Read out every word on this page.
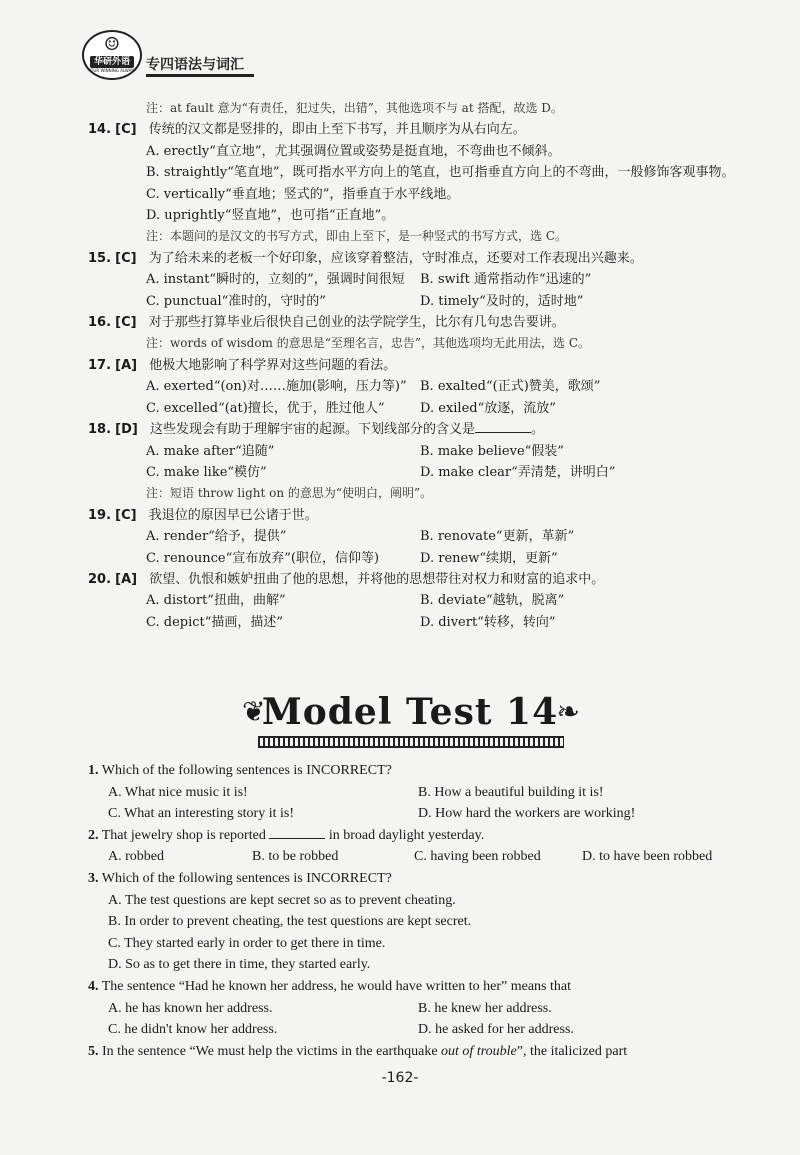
☺
华研外语
YOUR WINNING ALWAYS 专四语法与词汇
注：at fault 意为“有责任，犯过失，出错”，其他选项不与 at 搭配，故选 D。
14. [C] 传统的汉文都是竖排的，即由上至下书写，并且顺序为从右向左。
A. erectly“直立地”，尤其强调位置或姿势是挺直地，不弯曲也不倾斜。
B. straightly“笔直地”，既可指水平方向上的笔直，也可指垂直方向上的不弯曲，一般修饰客观事物。
C. vertically“垂直地；竖式的”，指垂直于水平线地。
D. uprightly“竖直地”，也可指“正直地”。
注：本题问的是汉文的书写方式，即由上至下，是一种竖式的书写方式，选 C。
15. [C] 为了给未来的老板一个好印象，应该穿着整洁，守时准点，还要对工作表现出兴趣来。
A. instant“瞬时的，立刻的”，强调时间很短	B. swift 通常指动作“迅速的”
C. punctual“准时的，守时的”	D. timely“及时的，适时地”
16. [C] 对于那些打算毕业后很快自己创业的法学院学生，比尔有几句忠告要讲。
注：words of wisdom 的意思是“至理名言，忠告”，其他选项均无此用法，选 C。
17. [A] 他极大地影响了科学界对这些问题的看法。
A. exerted“(on)对……施加(影响，压力等)”	B. exalted“(正式)赞美，歌颂”
C. excelled“(at)擅长，优于，胜过他人”	D. exiled“放逐，流放”
18. [D] 这些发现会有助于理解宇宙的起源。下划线部分的含义是	。
A. make after“追随”	B. make believe“假装”
C. make like“模仿”	D. make clear“弄清楚，讲明白”
注：短语 throw light on 的意思为“使明白，阐明”。
19. [C] 我退位的原因早已公诸于世。
A. render“给予，提供”	B. renovate“更新，革新”
C. renounce“宣布放弃”(职位，信仰等)	D. renew“续期，更新”
20. [A] 欲望、仇恨和嫉妒扭曲了他的思想，并将他的思想带往对权力和财富的追求中。
A. distort“扭曲，曲解”	B. deviate“越轨，脱离”
C. depict“描画，描述”	D. divert“转移，转向”
❦
Model Test 14
❧
1. Which of the following sentences is INCORRECT?
A. What nice music it is!	B. How a beautiful building it is!
C. What an interesting story it is!	D. How hard the workers are working!
2. That jewelry shop is reported	in broad daylight yesterday.
A. robbed	B. to be robbed	C. having been robbed	D. to have been robbed
3. Which of the following sentences is INCORRECT?
A. The test questions are kept secret so as to prevent cheating.
B. In order to prevent cheating, the test questions are kept secret.
C. They started early in order to get there in time.
D. So as to get there in time, they started early.
4. The sentence “Had he known her address, he would have written to her” means that
A. he has known her address.	B. he knew her address.
C. he didn't know her address.	D. he asked for her address.
5. In the sentence “We must help the victims in the earthquake out of trouble”, the italicized part
-162-
